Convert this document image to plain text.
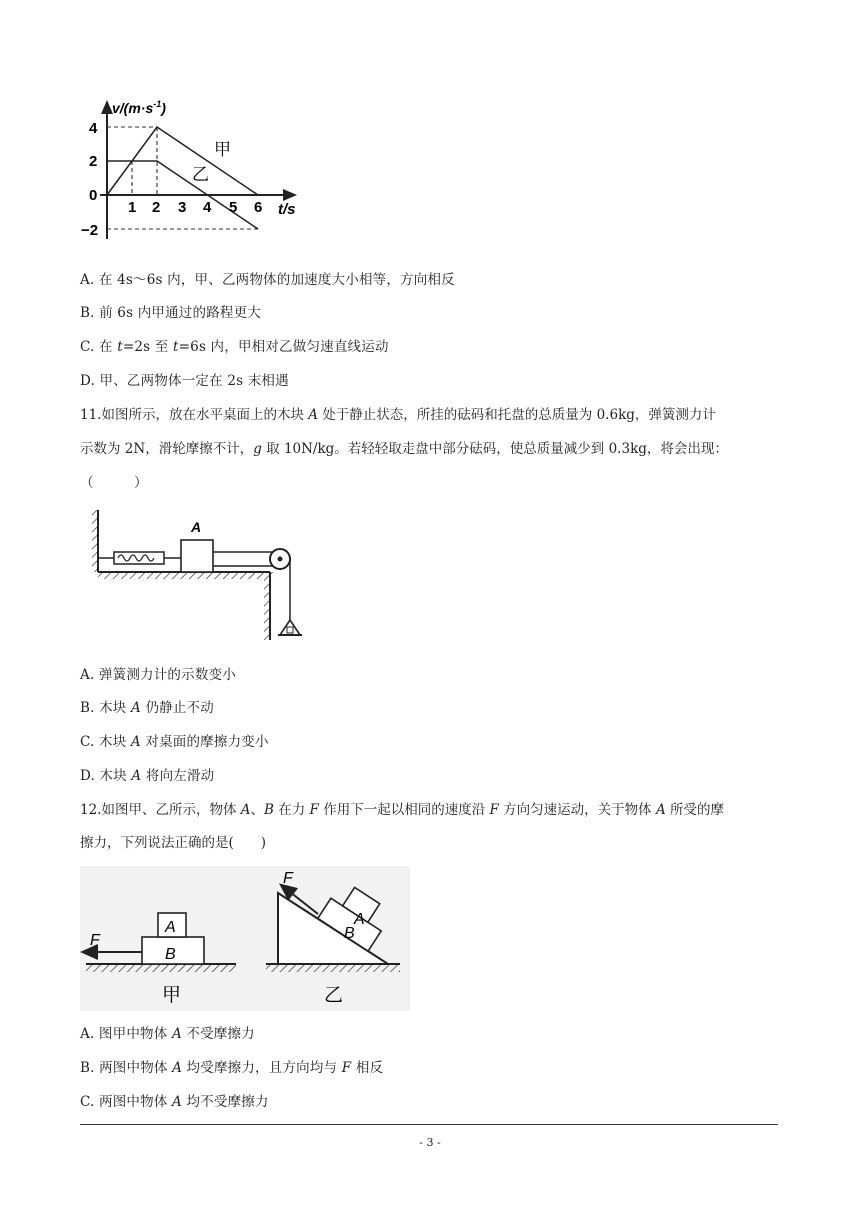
$v/(m\cdot s^{-1})$
4
2
0
−2
1 2 3 4 5 6 t/s
甲
乙
A. 在 4s～6s 内，甲、乙两物体的加速度大小相等，方向相反
B. 前 6s 内甲通过的路程更大
C. 在 t=2s 至 t=6s 内，甲相对乙做匀速直线运动
D. 甲、乙两物体一定在 2s 末相遇
11.如图所示，放在水平桌面上的木块 A 处于静止状态，所挂的砝码和托盘的总质量为 0.6kg，弹簧测力计
示数为 2N，滑轮摩擦不计，g 取 10N/kg。若轻轻取走盘中部分砝码，使总质量减少到 0.3kg，将会出现：
（　　　）
A
A. 弹簧测力计的示数变小
B. 木块 A 仍静止不动
C. 木块 A 对桌面的摩擦力变小
D. 木块 A 将向左滑动
12.如图甲、乙所示，物体 A、B 在力 F 作用下一起以相同的速度沿 F 方向匀速运动，关于物体 A 所受的摩
擦力，下列说法正确的是(　　)
A
B
F
甲
A
B
F
乙
A. 图甲中物体 A 不受摩擦力
B. 两图中物体 A 均受摩擦力，且方向均与 F 相反
C. 两图中物体 A 均不受摩擦力
- 3 -
